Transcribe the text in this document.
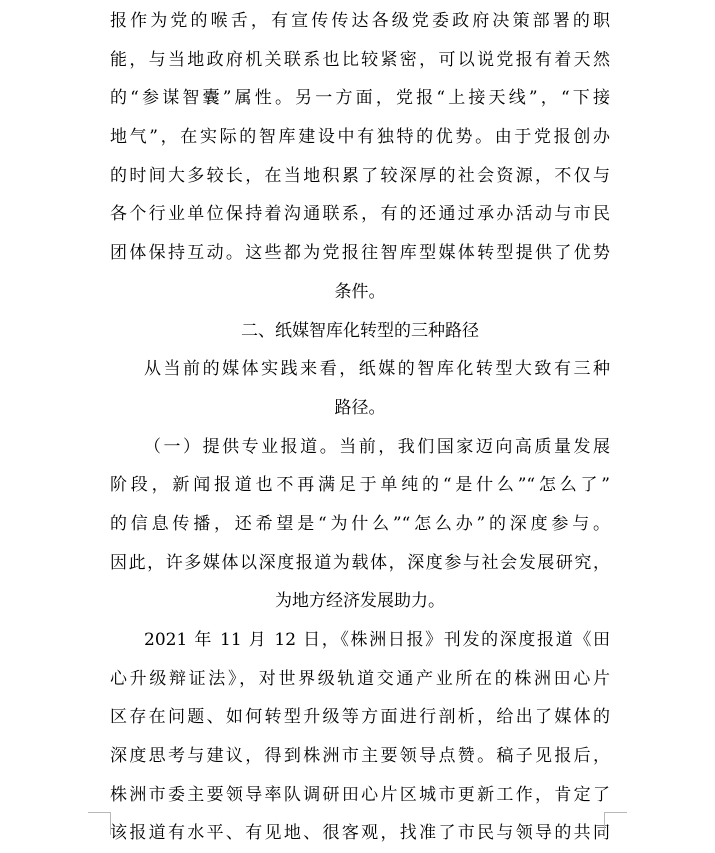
报作为党的喉舌，有宣传传达各级党委政府决策部署的职
能，与当地政府机关联系也比较紧密，可以说党报有着天然
的“参谋智囊”属性。另一方面，党报“上接天线”，“下接
地气”，在实际的智库建设中有独特的优势。由于党报创办
的时间大多较长，在当地积累了较深厚的社会资源，不仅与
各个行业单位保持着沟通联系，有的还通过承办活动与市民
团体保持互动。这些都为党报往智库型媒体转型提供了优势
条件。
二、纸媒智库化转型的三种路径
从当前的媒体实践来看，纸媒的智库化转型大致有三种
路径。
（一）提供专业报道。当前，我们国家迈向高质量发展
阶段，新闻报道也不再满足于单纯的“是什么”“怎么了”
的信息传播，还希望是“为什么”“怎么办”的深度参与。
因此，许多媒体以深度报道为载体，深度参与社会发展研究，
为地方经济发展助力。
2021 年 11 月 12 日，《株洲日报》刊发的深度报道《田
心升级辩证法》，对世界级轨道交通产业所在的株洲田心片
区存在问题、如何转型升级等方面进行剖析，给出了媒体的
深度思考与建议，得到株洲市主要领导点赞。稿子见报后，
株洲市委主要领导率队调研田心片区城市更新工作，肯定了
该报道有水平、有见地、很客观，找准了市民与领导的共同
